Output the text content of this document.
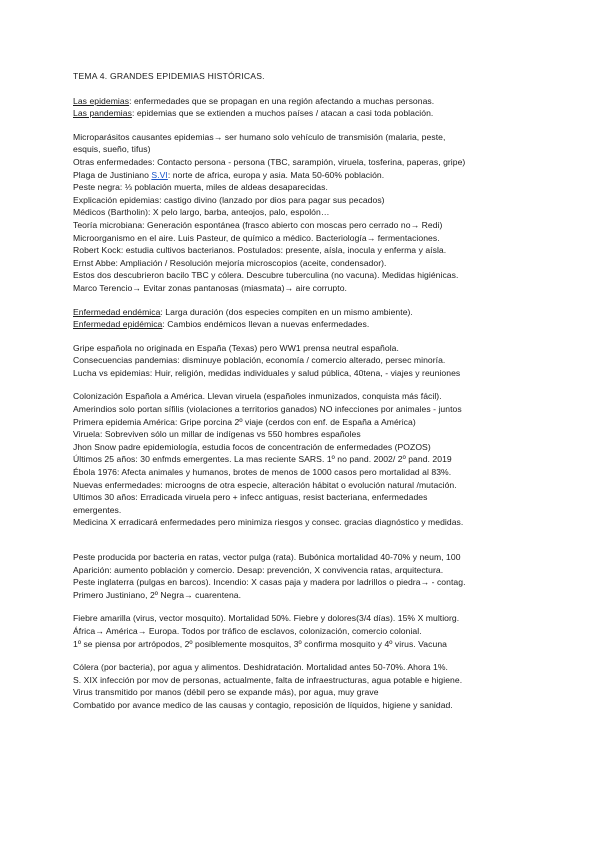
TEMA 4. GRANDES EPIDEMIAS HISTÓRICAS.
Las epidemias: enfermedades que se propagan en una región afectando a muchas personas.
Las pandemias: epidemias que se extienden a muchos países / atacan a casi toda población.
Microparásitos causantes epidemias→ ser humano solo vehículo de transmisión (malaria, peste,
esquis, sueño, tifus)
Otras enfermedades: Contacto persona - persona (TBC, sarampión, viruela, tosferina, paperas, gripe)
Plaga de Justiniano S.VI: norte de africa, europa y asia. Mata 50-60% población.
Peste negra: ⅓ población muerta, miles de aldeas desaparecidas.
Explicación epidemias: castigo divino (lanzado por dios para pagar sus pecados)
Médicos (Bartholin): X pelo largo, barba, anteojos, palo, espolón…
Teoría microbiana: Generación espontánea (frasco abierto con moscas pero cerrado no→ Redi)
Microorganismo en el aire. Luis Pasteur, de químico a médico. Bacteriología→ fermentaciones.
Robert Kock: estudia cultivos bacterianos. Postulados: presente, aísla, inocula y enferma y aísla.
Ernst Abbe: Ampliación / Resolución mejoría microscopios (aceite, condensador).
Estos dos descubrieron bacilo TBC y cólera. Descubre tuberculina (no vacuna). Medidas higiénicas.
Marco Terencio→ Evitar zonas pantanosas (miasmata)→ aire corrupto.
Enfermedad endémica: Larga duración (dos especies compiten en un mismo ambiente).
Enfermedad epidémica: Cambios endémicos llevan a nuevas enfermedades.
Gripe española no originada en España (Texas) pero WW1 prensa neutral española.
Consecuencias pandemias: disminuye población, economía / comercio alterado, persec minoría.
Lucha vs epidemias: Huir, religión, medidas individuales y salud pública, 40tena, - viajes y reuniones
Colonización Española a América. Llevan viruela (españoles inmunizados, conquista más fácil).
Amerindios solo portan sífilis (violaciones a territorios ganados) NO infecciones por animales - juntos
Primera epidemia América: Gripe porcina 2º viaje (cerdos con enf. de España a América)
Viruela: Sobreviven sólo un millar de indígenas vs 550 hombres españoles
Jhon Snow padre epidemiología, estudia focos de concentración de enfermedades (POZOS)
Últimos 25 años: 30 enfmds emergentes. La mas reciente SARS. 1º no pand. 2002/ 2º pand. 2019
Ébola 1976: Afecta animales y humanos, brotes de menos de 1000 casos pero mortalidad al 83%.
Nuevas enfermedades: microogns de otra especie, alteración hábitat o evolución natural /mutación.
Ultimos 30 años: Erradicada viruela pero + infecc antiguas, resist bacteriana, enfermedades
emergentes.
Medicina X erradicará enfermedades pero minimiza riesgos y consec. gracias diagnóstico y medidas.
Peste producida por bacteria en ratas, vector pulga (rata). Bubónica mortalidad 40-70% y neum, 100
Aparición: aumento población y comercio. Desap: prevención, X convivencia ratas, arquitectura.
Peste inglaterra (pulgas en barcos). Incendio: X casas paja y madera por ladrillos o piedra→ - contag.
Primero Justiniano, 2º Negra→ cuarentena.
Fiebre amarilla (virus, vector mosquito). Mortalidad 50%. Fiebre y dolores(3/4 días). 15% X multiorg.
África→ América→ Europa. Todos por tráfico de esclavos, colonización, comercio colonial.
1º se piensa por artrópodos, 2º posiblemente mosquitos, 3º confirma mosquito y 4º virus. Vacuna
Cólera (por bacteria), por agua y alimentos. Deshidratación. Mortalidad antes 50-70%. Ahora 1%.
S. XIX infección por mov de personas, actualmente, falta de infraestructuras, agua potable e higiene.
Virus transmitido por manos (débil pero se expande más), por agua, muy grave
Combatido por avance medico de las causas y contagio, reposición de líquidos, higiene y sanidad.
